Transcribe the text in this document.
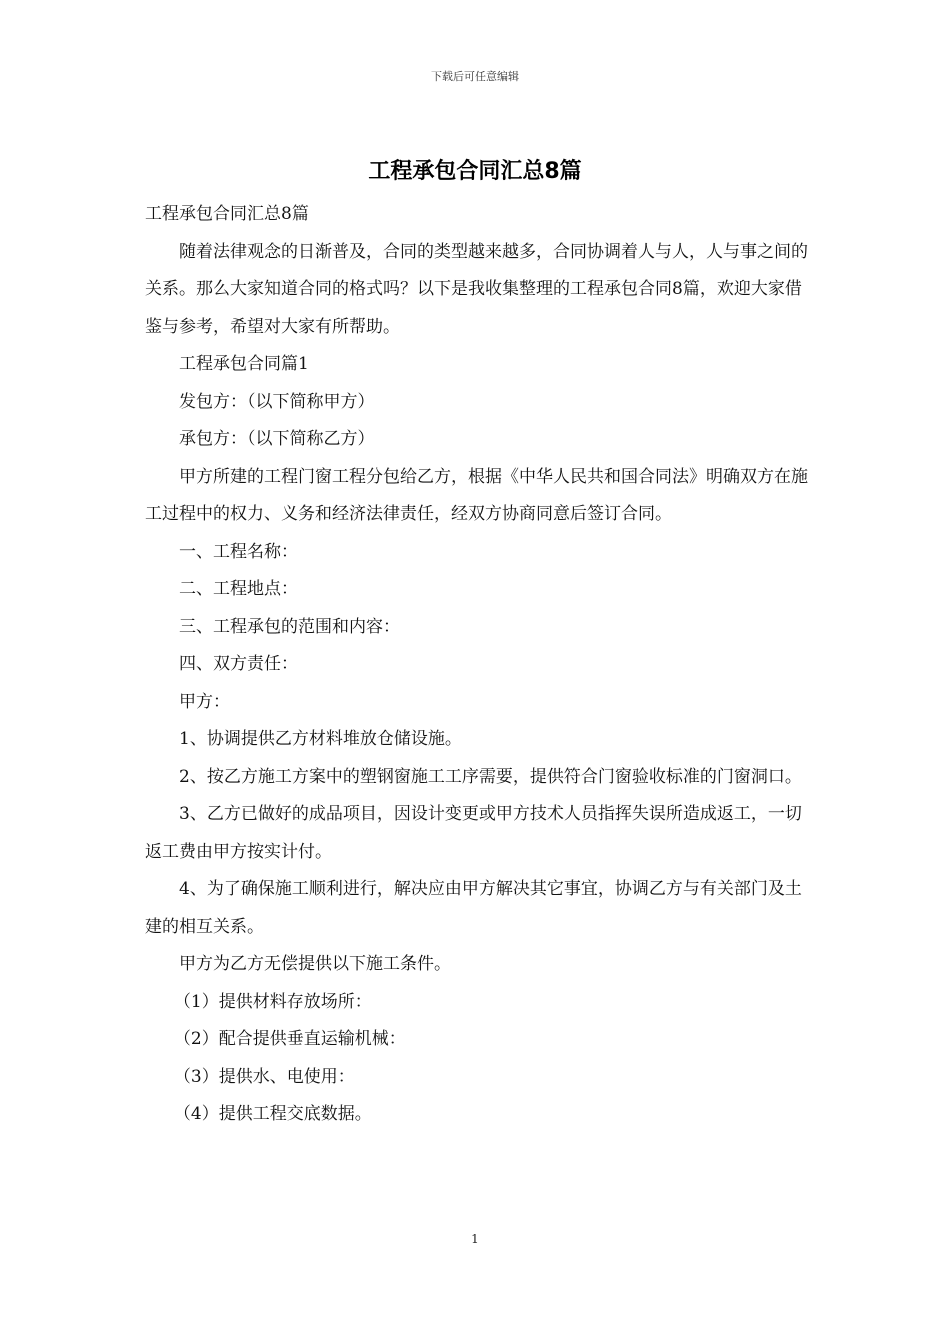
下载后可任意编辑
工程承包合同汇总8篇

工程承包合同汇总8篇

随着法律观念的日渐普及，合同的类型越来越多，合同协调着人与人，人与事之间的关系。那么大家知道合同的格式吗？以下是我收集整理的工程承包合同8篇，欢迎大家借鉴与参考，希望对大家有所帮助。

工程承包合同篇1

发包方：（以下简称甲方）

承包方：（以下简称乙方）

甲方所建的工程门窗工程分包给乙方，根据《中华人民共和国合同法》明确双方在施工过程中的权力、义务和经济法律责任，经双方协商同意后签订合同。

一、工程名称：

二、工程地点：

三、工程承包的范围和内容：

四、双方责任：

甲方：

1、协调提供乙方材料堆放仓储设施。

2、按乙方施工方案中的塑钢窗施工工序需要，提供符合门窗验收标准的门窗洞口。

3、乙方已做好的成品项目，因设计变更或甲方技术人员指挥失误所造成返工，一切返工费由甲方按实计付。

4、为了确保施工顺利进行，解决应由甲方解决其它事宜，协调乙方与有关部门及土建的相互关系。

甲方为乙方无偿提供以下施工条件。

（1）提供材料存放场所：

（2）配合提供垂直运输机械：

（3）提供水、电使用：

（4）提供工程交底数据。

1
